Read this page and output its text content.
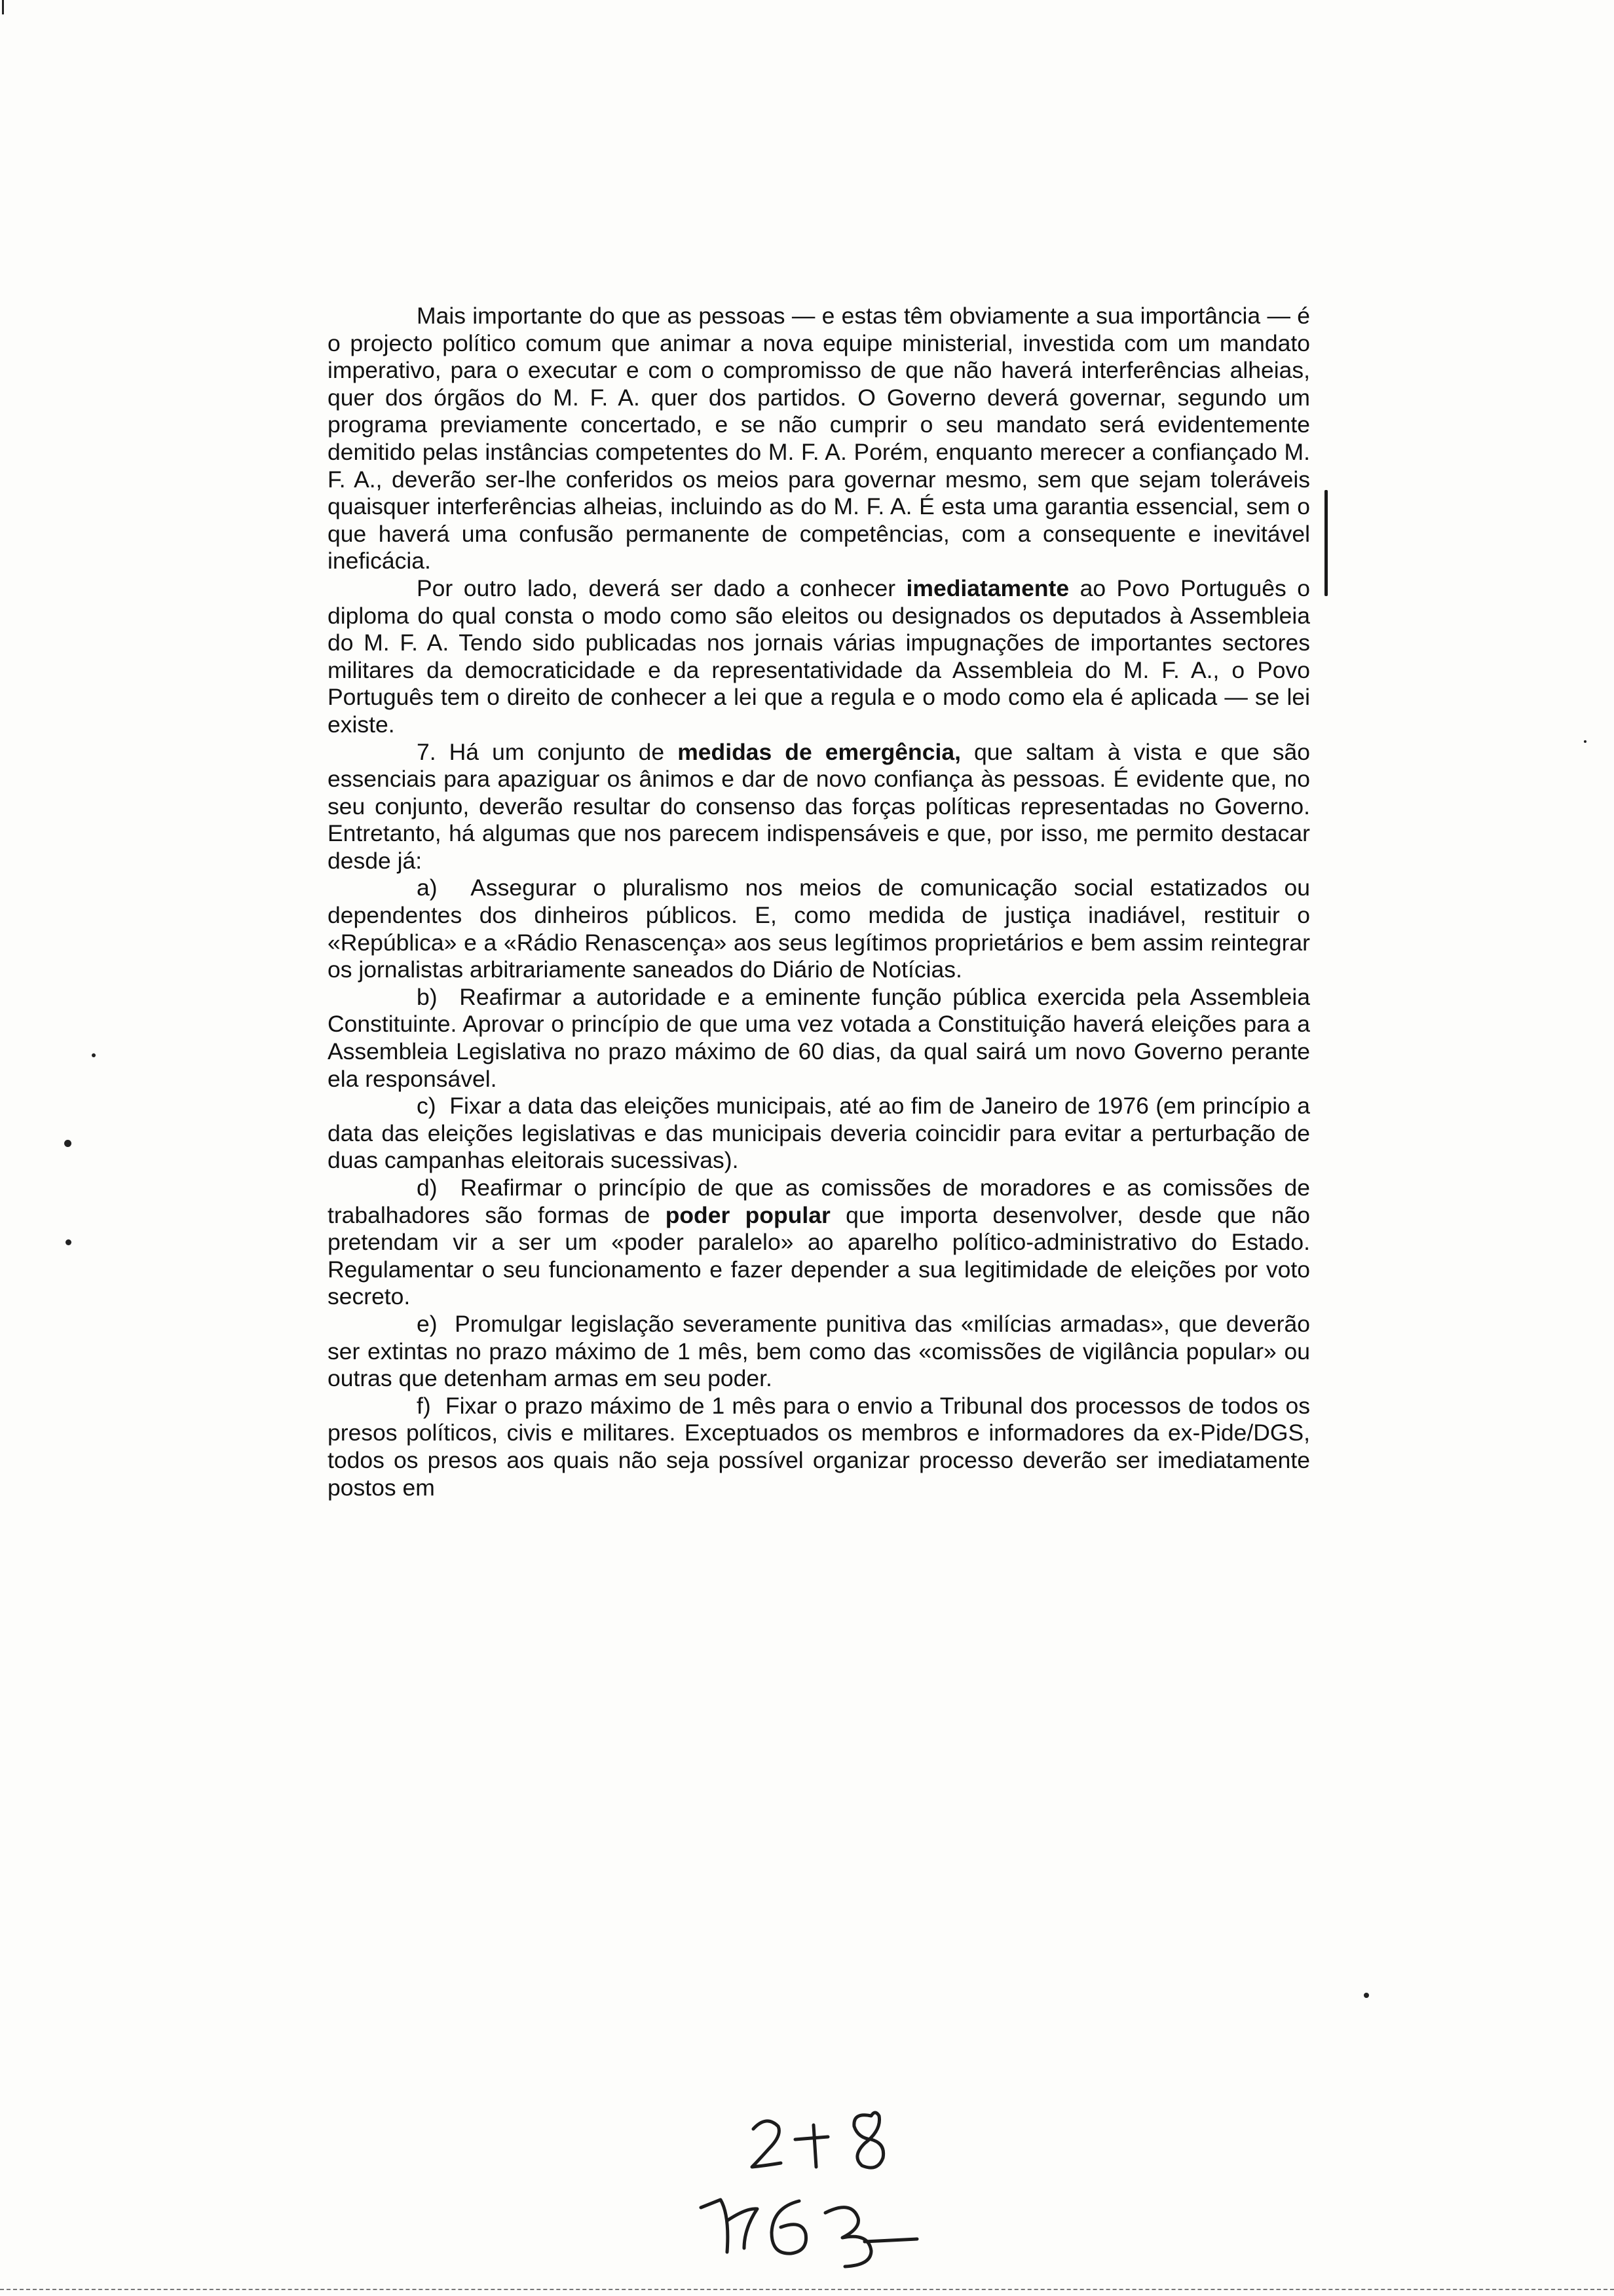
Mais importante do que as pessoas — e estas têm obviamente a sua importância — é o projecto político comum que animar a nova equipe ministerial, investida com um mandato imperativo, para o executar e com o compromisso de que não haverá interferências alheias, quer dos órgãos do M. F. A. quer dos partidos. O Governo deverá governar, segundo um programa previamente concertado, e se não cumprir o seu mandato será evidentemente demitido pelas instâncias competentes do M. F. A. Porém, enquanto merecer a confiançado M. F. A., deverão ser-lhe conferidos os meios para governar mesmo, sem que sejam toleráveis quaisquer interferências alheias, incluindo as do M. F. A. É esta uma garantia essencial, sem o que haverá uma confusão permanente de competências, com a consequente e inevitável ineficácia.

Por outro lado, deverá ser dado a conhecer imediatamente ao Povo Português o diploma do qual consta o modo como são eleitos ou designados os deputados à Assembleia do M. F. A. Tendo sido publicadas nos jornais várias impugnações de importantes sectores militares da democraticidade e da representatividade da Assembleia do M. F. A., o Povo Português tem o direito de conhecer a lei que a regula e o modo como ela é aplicada — se lei existe.

7. Há um conjunto de medidas de emergência, que saltam à vista e que são essenciais para apaziguar os ânimos e dar de novo confiança às pessoas. É evidente que, no seu conjunto, deverão resultar do consenso das forças políticas representadas no Governo. Entretanto, há algumas que nos parecem indispensáveis e que, por isso, me permito destacar desde já:

a) Assegurar o pluralismo nos meios de comunicação social estatizados ou dependentes dos dinheiros públicos. E, como medida de justiça inadiável, restituir o «República» e a «Rádio Renascença» aos seus legítimos proprietários e bem assim reintegrar os jornalistas arbitrariamente saneados do Diário de Notícias.

b) Reafirmar a autoridade e a eminente função pública exercida pela Assembleia Constituinte. Aprovar o princípio de que uma vez votada a Constituição haverá eleições para a Assembleia Legislativa no prazo máximo de 60 dias, da qual sairá um novo Governo perante ela responsável.

c) Fixar a data das eleições municipais, até ao fim de Janeiro de 1976 (em princípio a data das eleições legislativas e das municipais deveria coincidir para evitar a perturbação de duas campanhas eleitorais sucessivas).

d) Reafirmar o princípio de que as comissões de moradores e as comissões de trabalhadores são formas de poder popular que importa desenvolver, desde que não pretendam vir a ser um «poder paralelo» ao aparelho político-administrativo do Estado. Regulamentar o seu funcionamento e fazer depender a sua legitimidade de eleições por voto secreto.

e) Promulgar legislação severamente punitiva das «milícias armadas», que deverão ser extintas no prazo máximo de 1 mês, bem como das «comissões de vigilância popular» ou outras que detenham armas em seu poder.

f) Fixar o prazo máximo de 1 mês para o envio a Tribunal dos processos de todos os presos políticos, civis e militares. Exceptuados os membros e informadores da ex-Pide/DGS, todos os presos aos quais não seja possível organizar processo deverão ser imediatamente postos em
